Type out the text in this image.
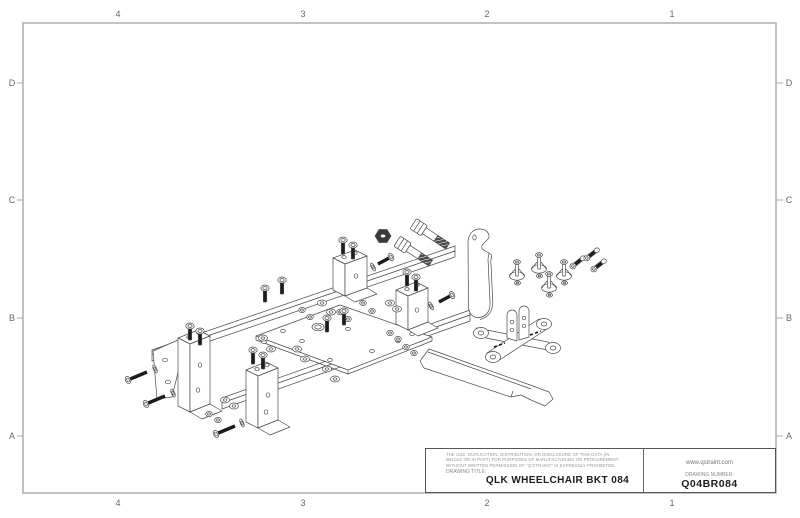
4	3	2	1
4	3	2	1
D
C
B
A
D
C
B
A
THE USE, DUPLICATION, DISTRIBUTION, OR DISCLOSURE OF THIS DATA (IN
WHOLE OR IN PART) FOR PURPOSES OF MANUFACTURING OR PROCUREMENT
WITHOUT WRITTEN PERMISSION OF "Q'STRAINT" IS EXPRESSLY PROHIBITED.
DRAWING TITLE:
QLK WHEELCHAIR BKT 084
www.qstraint.com
DRAWING NUMBER:
Q04BR084
